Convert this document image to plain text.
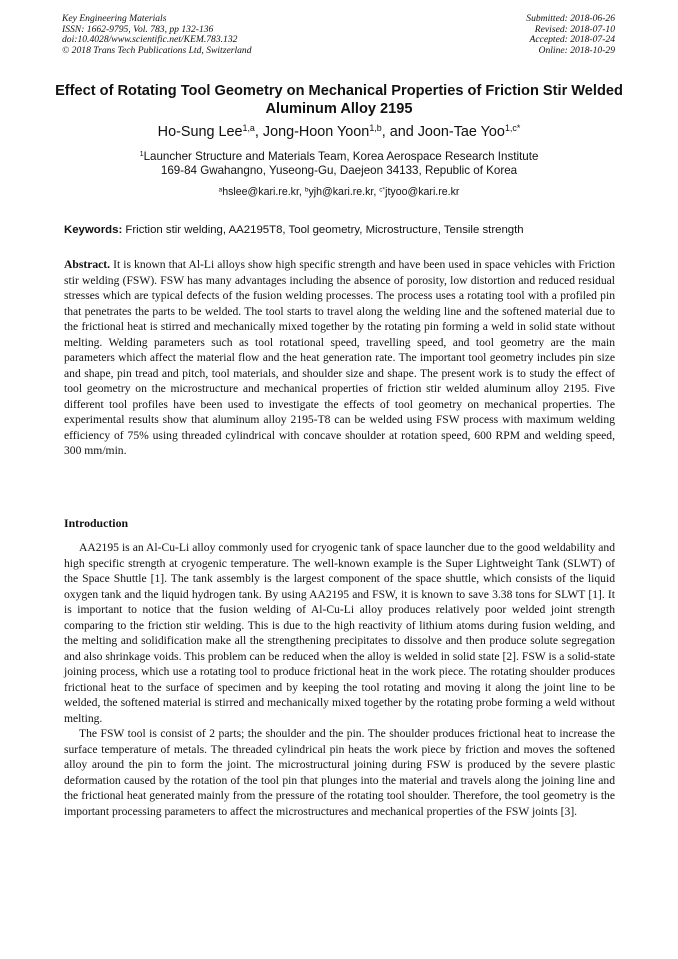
Key Engineering Materials
ISSN: 1662-9795, Vol. 783, pp 132-136
doi:10.4028/www.scientific.net/KEM.783.132
© 2018 Trans Tech Publications Ltd, Switzerland
Submitted: 2018-06-26
Revised: 2018-07-10
Accepted: 2018-07-24
Online: 2018-10-29
Effect of Rotating Tool Geometry on Mechanical Properties of Friction Stir Welded Aluminum Alloy 2195
Ho-Sung Lee$^{1,a}$, Jong-Hoon Yoon$^{1,b}$, and Joon-Tae Yoo$^{1,c*}$
$^1$Launcher Structure and Materials Team, Korea Aerospace Research Institute
169-84 Gwahangno, Yuseong-Gu, Daejeon 34133, Republic of Korea
$^a$hslee@kari.re.kr, $^b$yjh@kari.re.kr, $^{c*}$jtyoo@kari.re.kr
Keywords: Friction stir welding, AA2195T8, Tool geometry, Microstructure, Tensile strength
Abstract. It is known that Al-Li alloys show high specific strength and have been used in space vehicles with Friction stir welding (FSW). FSW has many advantages including the absence of porosity, low distortion and reduced residual stresses which are typical defects of the fusion welding processes. The process uses a rotating tool with a profiled pin that penetrates the parts to be welded. The tool starts to travel along the welding line and the softened material due to the frictional heat is stirred and mechanically mixed together by the rotating pin forming a weld in solid state without melting. Welding parameters such as tool rotational speed, travelling speed, and tool geometry are the main parameters which affect the material flow and the heat generation rate. The important tool geometry includes pin size and shape, pin tread and pitch, tool materials, and shoulder size and shape. The present work is to study the effect of tool geometry on the microstructure and mechanical properties of friction stir welded aluminum alloy 2195. Five different tool profiles have been used to investigate the effects of tool geometry on mechanical properties. The experimental results show that aluminum alloy 2195-T8 can be welded using FSW process with maximum welding efficiency of 75% using threaded cylindrical with concave shoulder at rotation speed, 600 RPM and welding speed, 300 mm/min.
Introduction

AA2195 is an Al-Cu-Li alloy commonly used for cryogenic tank of space launcher due to the good weldability and high specific strength at cryogenic temperature. The well-known example is the Super Lightweight Tank (SLWT) of the Space Shuttle [1]. The tank assembly is the largest component of the space shuttle, which consists of the liquid oxygen tank and the liquid hydrogen tank. By using AA2195 and FSW, it is known to save 3.38 tons for SLWT [1]. It is important to notice that the fusion welding of Al-Cu-Li alloy produces relatively poor welded joint strength comparing to the friction stir welding. This is due to the high reactivity of lithium atoms during fusion welding, and the melting and solidification make all the strengthening precipitates to dissolve and then produce solute segregation and also shrinkage voids. This problem can be reduced when the alloy is welded in solid state [2]. FSW is a solid-state joining process, which use a rotating tool to produce frictional heat in the work piece. The rotating shoulder produces frictional heat to the surface of specimen and by keeping the tool rotating and moving it along the joint line to be welded, the softened material is stirred and mechanically mixed together by the rotating probe forming a weld without melting.

The FSW tool is consist of 2 parts; the shoulder and the pin. The shoulder produces frictional heat to increase the surface temperature of metals. The threaded cylindrical pin heats the work piece by friction and moves the softened alloy around the pin to form the joint. The microstructural joining during FSW is produced by the severe plastic deformation caused by the rotation of the tool pin that plunges into the material and travels along the joining line and the frictional heat generated mainly from the pressure of the rotating tool shoulder. Therefore, the tool geometry is the important processing parameters to affect the microstructures and mechanical properties of the FSW joints [3].
